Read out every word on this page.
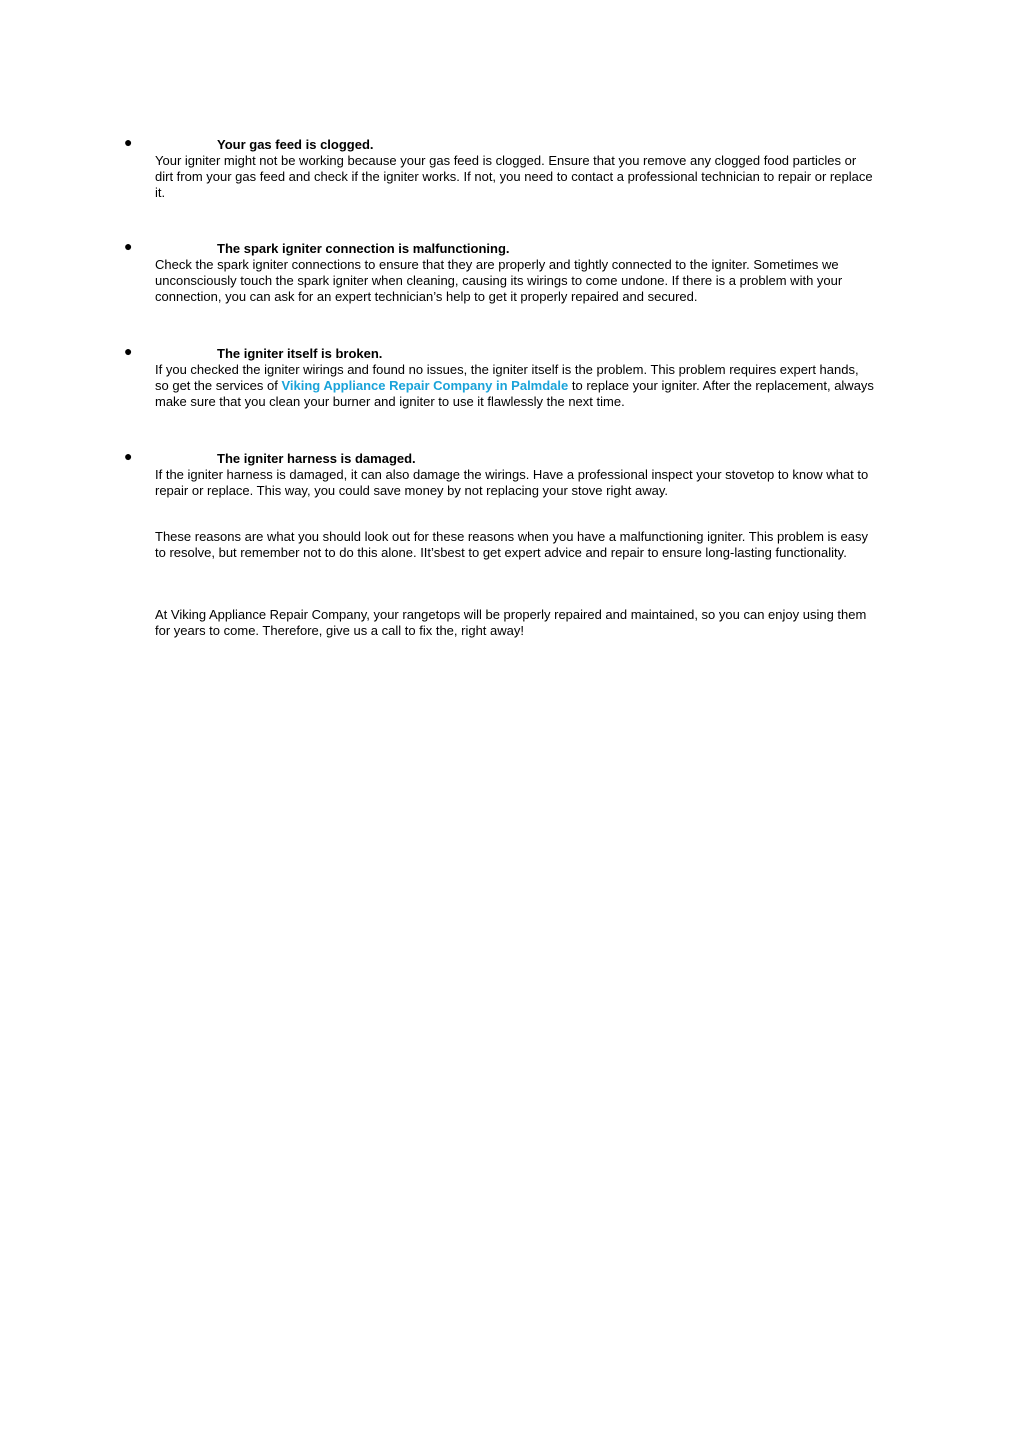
●	Your gas feed is clogged.

Your igniter might not be working because your gas feed is clogged. Ensure that you remove any clogged food particles or dirt from your gas feed and check if the igniter works. If not, you need to contact a professional technician to repair or replace it.

●	The spark igniter connection is malfunctioning.

Check the spark igniter connections to ensure that they are properly and tightly connected to the igniter. Sometimes we unconsciously touch the spark igniter when cleaning, causing its wirings to come undone. If there is a problem with your connection, you can ask for an expert technician’s help to get it properly repaired and secured.

●	The igniter itself is broken.

If you checked the igniter wirings and found no issues, the igniter itself is the problem. This problem requires expert hands, so get the services of Viking Appliance Repair Company in Palmdale to replace your igniter. After the replacement, always make sure that you clean your burner and igniter to use it flawlessly the next time.

●	The igniter harness is damaged.

If the igniter harness is damaged, it can also damage the wirings. Have a professional inspect your stovetop to know what to repair or replace. This way, you could save money by not replacing your stove right away.

These reasons are what you should look out for these reasons when you have a malfunctioning igniter. This problem is easy to resolve, but remember not to do this alone. IIt’sbest to get expert advice and repair to ensure long-lasting functionality.

At Viking Appliance Repair Company, your rangetops will be properly repaired and maintained, so you can enjoy using them for years to come. Therefore, give us a call to fix the, right away!
